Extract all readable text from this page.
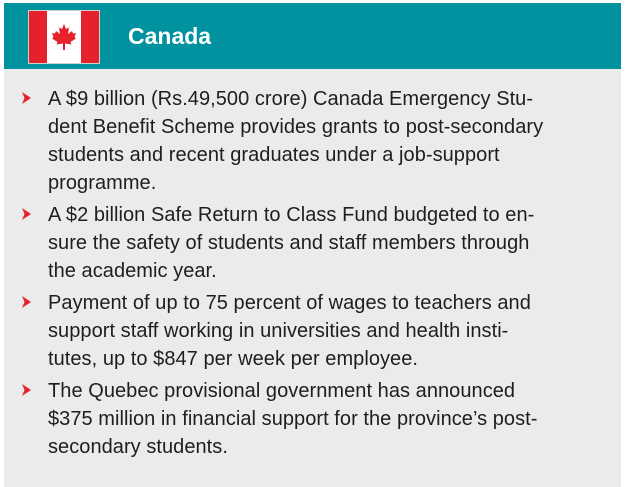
Canada
A $9 billion (Rs.49,500 crore) Canada Emergency Stu-
dent Benefit Scheme provides grants to post-secondary
students and recent graduates under a job-support
programme.
A $2 billion Safe Return to Class Fund budgeted to en-
sure the safety of students and staff members through
the academic year.
Payment of up to 75 percent of wages to teachers and
support staff working in universities and health insti-
tutes, up to $847 per week per employee.
The Quebec provisional government has announced
$375 million in financial support for the province’s post-
secondary students.
